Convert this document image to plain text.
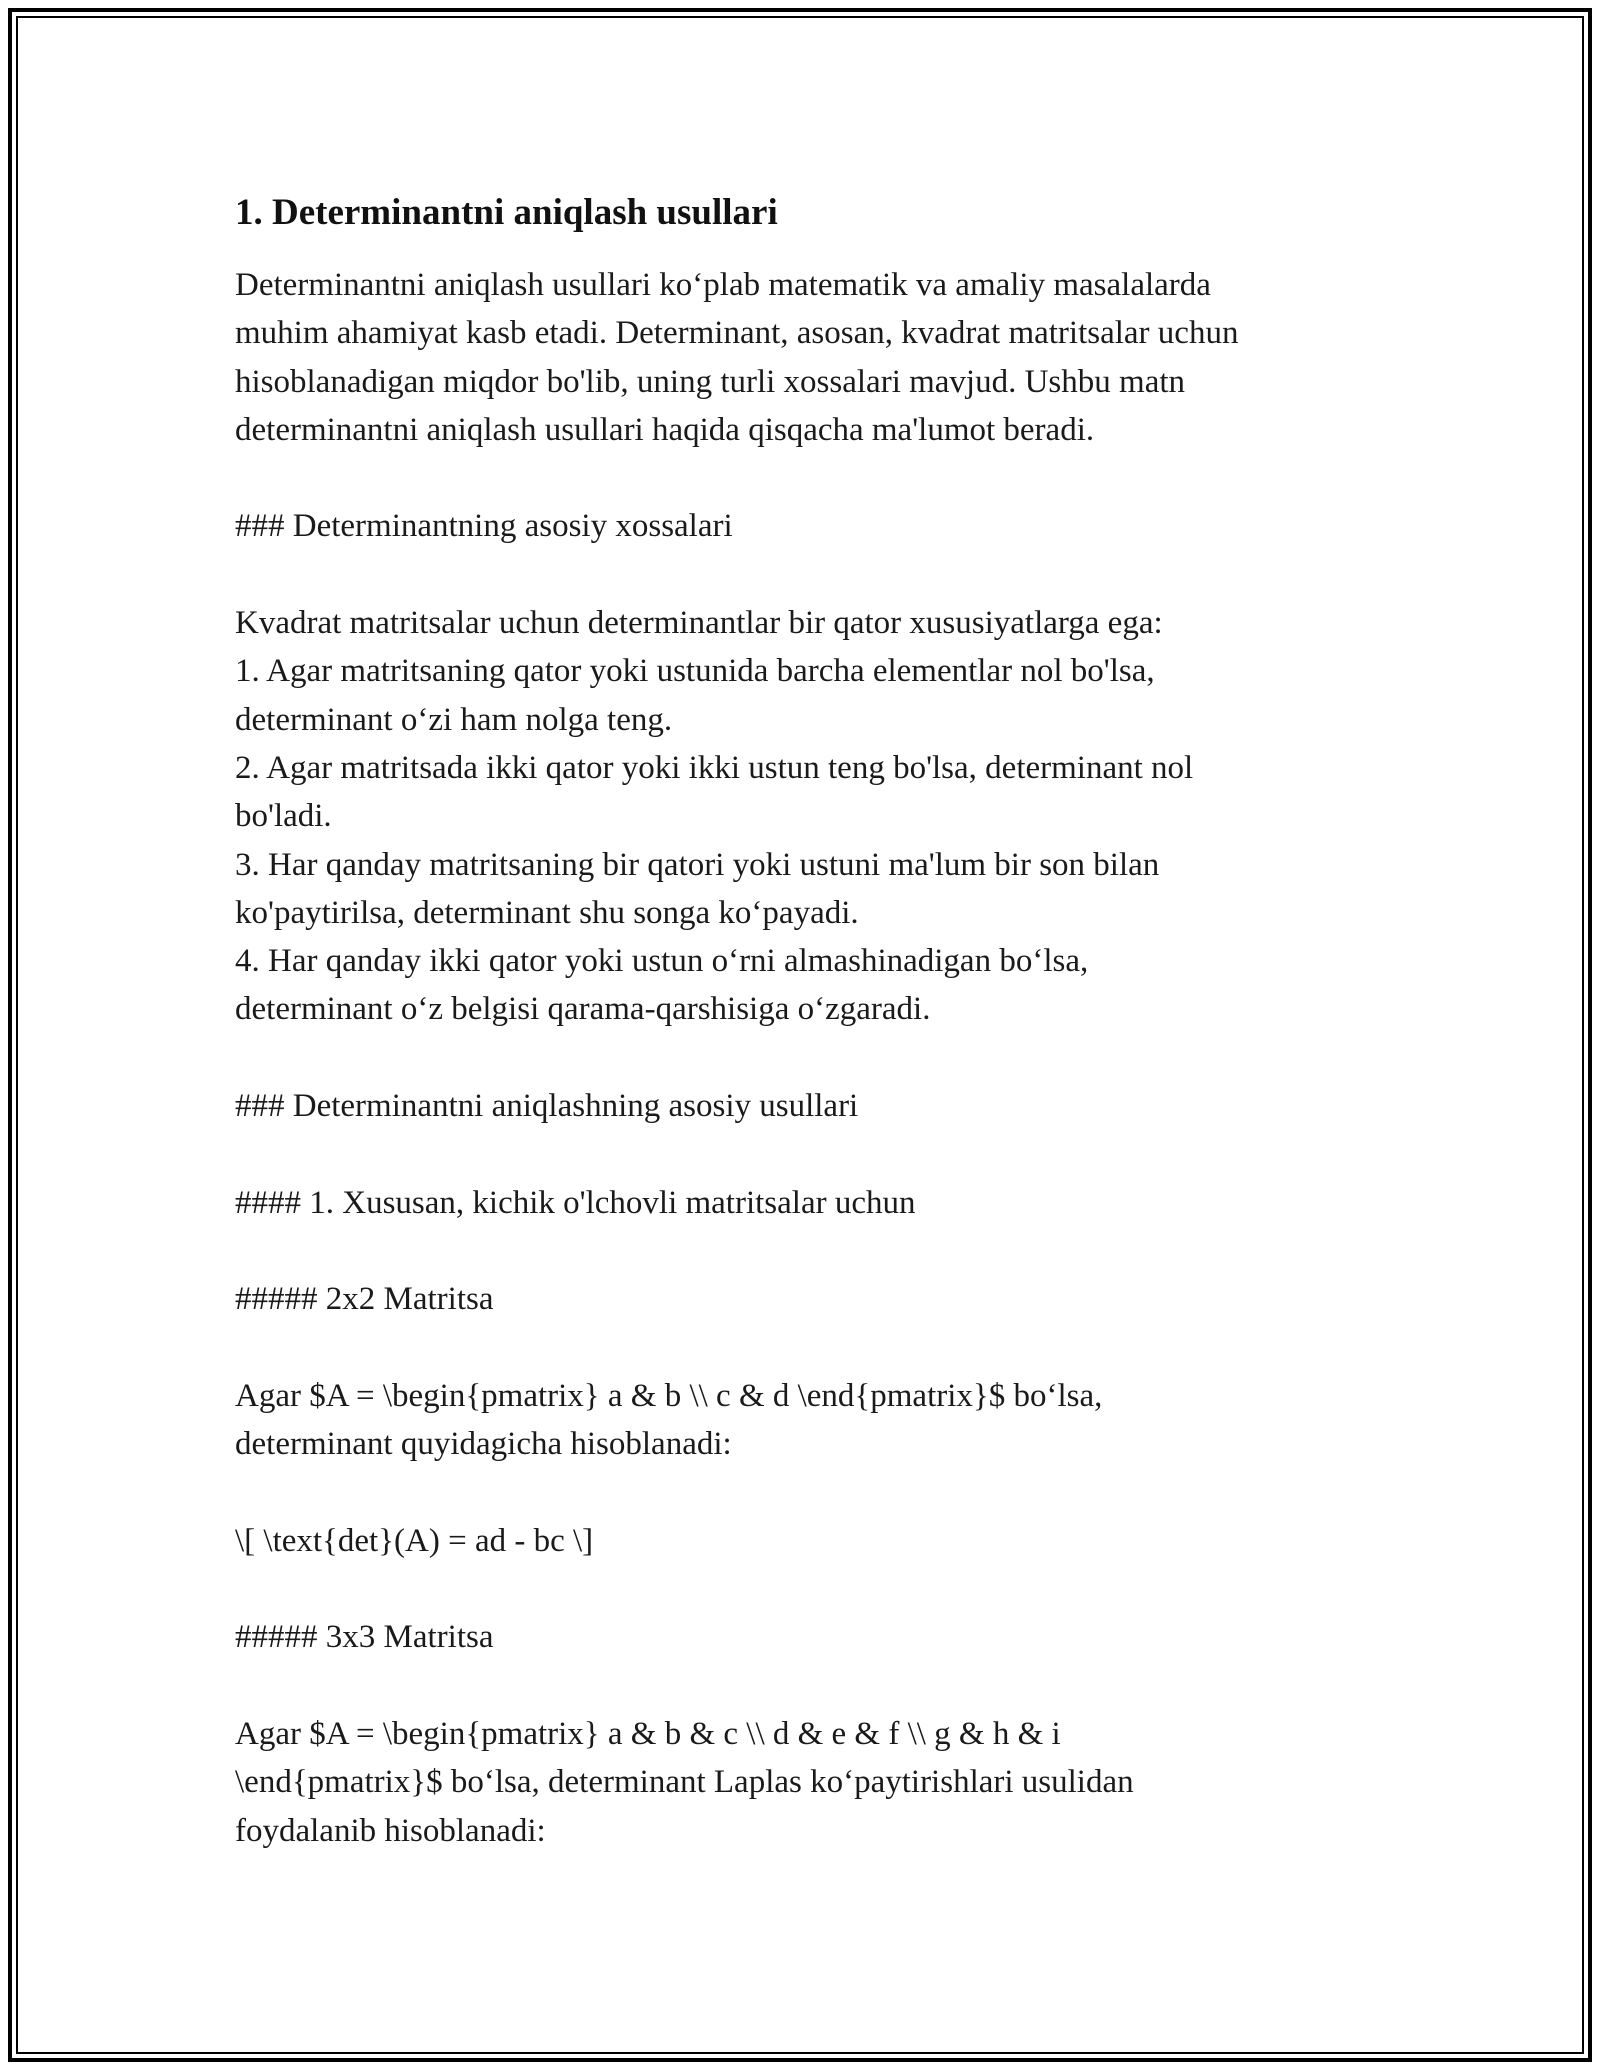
1. Determinantni aniqlash usullari

Determinantni aniqlash usullari ko‘plab matematik va amaliy masalalarda

muhim ahamiyat kasb etadi. Determinant, asosan, kvadrat matritsalar uchun

hisoblanadigan miqdor bo'lib, uning turli xossalari mavjud. Ushbu matn

determinantni aniqlash usullari haqida qisqacha ma'lumot beradi.

### Determinantning asosiy xossalari

Kvadrat matritsalar uchun determinantlar bir qator xususiyatlarga ega:

1. Agar matritsaning qator yoki ustunida barcha elementlar nol bo'lsa,

determinant o‘zi ham nolga teng.

2. Agar matritsada ikki qator yoki ikki ustun teng bo'lsa, determinant nol

bo'ladi.

3. Har qanday matritsaning bir qatori yoki ustuni ma'lum bir son bilan

ko'paytirilsa, determinant shu songa ko‘payadi.

4. Har qanday ikki qator yoki ustun o‘rni almashinadigan bo‘lsa,

determinant o‘z belgisi qarama-qarshisiga o‘zgaradi.

### Determinantni aniqlashning asosiy usullari

#### 1. Xususan, kichik o'lchovli matritsalar uchun

##### 2x2 Matritsa

Agar $A = \begin{pmatrix} a & b \\ c & d \end{pmatrix}$ bo‘lsa,

determinant quyidagicha hisoblanadi:

\[ \text{det}(A) = ad - bc \]

##### 3x3 Matritsa

Agar $A = \begin{pmatrix} a & b & c \\ d & e & f \\ g & h & i

\end{pmatrix}$ bo‘lsa, determinant Laplas ko‘paytirishlari usulidan

foydalanib hisoblanadi:
